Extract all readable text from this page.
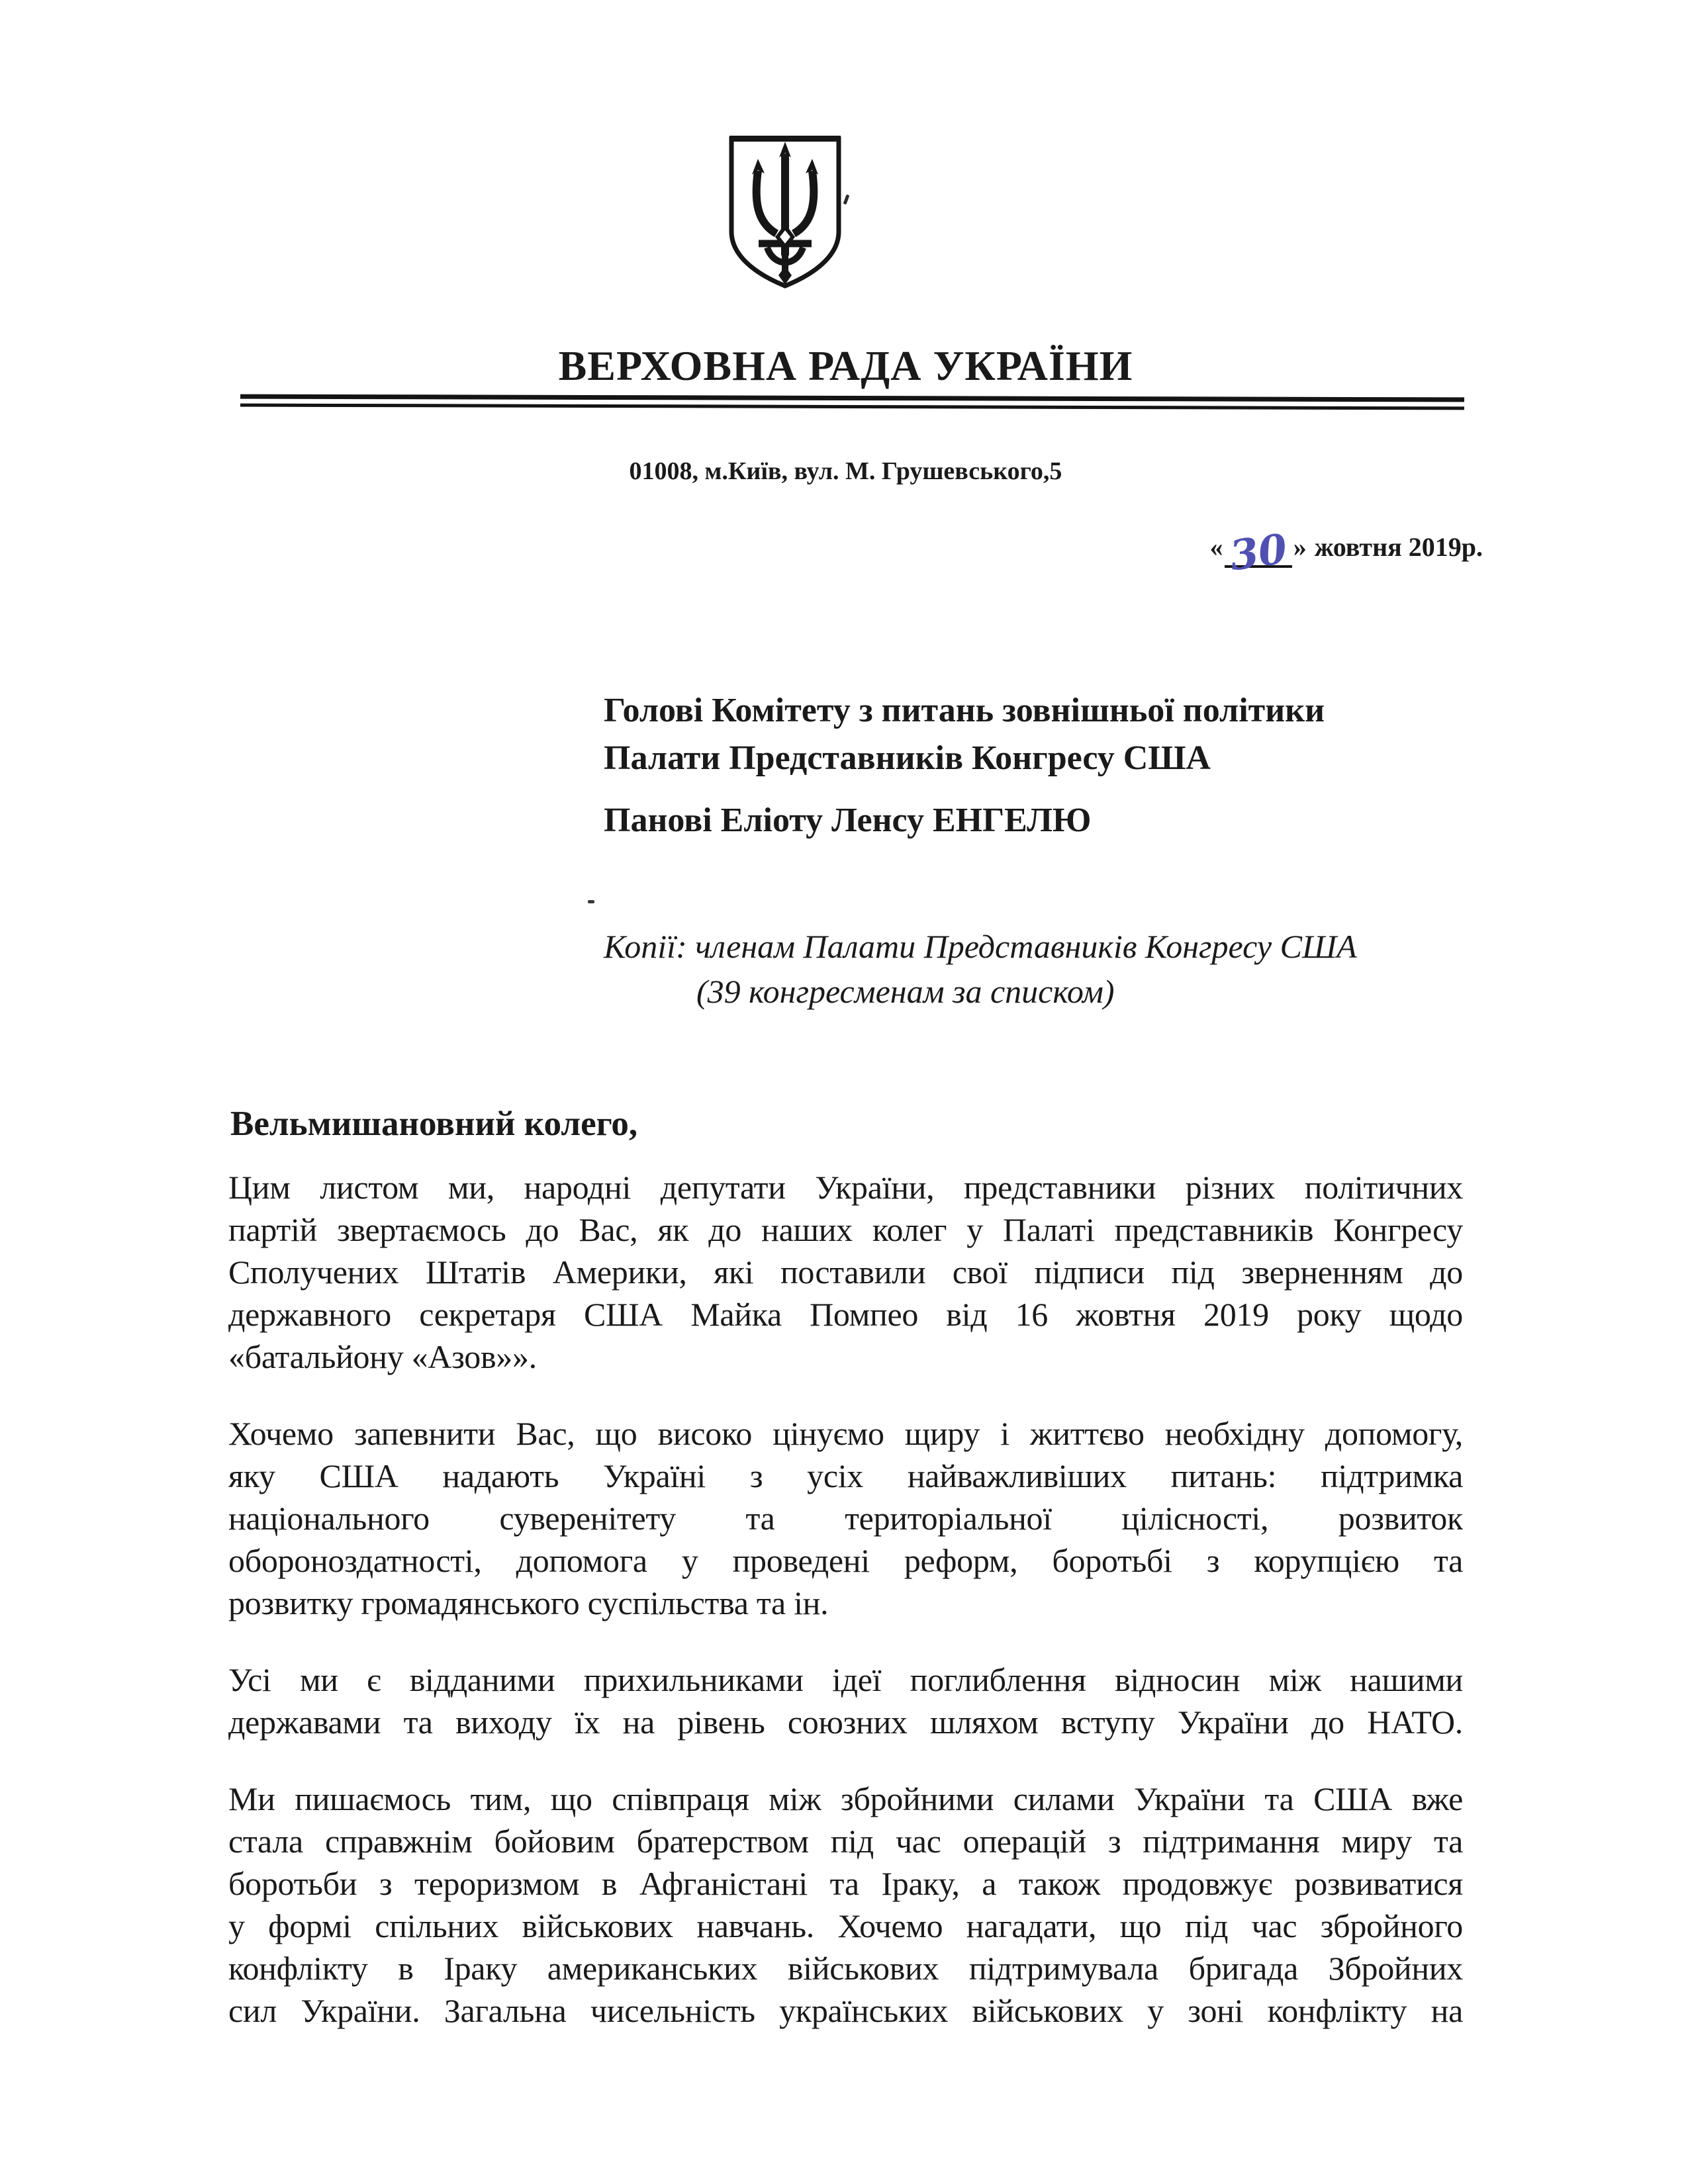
ВЕРХОВНА РАДА УКРАЇНИ
01008, м.Київ, вул. М. Грушевського,5
« 30 » жовтня 2019р.
Голові Комітету з питань зовнішньої політики
Палати Представників Конгресу США
Панові Еліоту Ленсу ЕНГЕЛЮ
Копії: членам Палати Представників Конгресу США
(39 конгресменам за списком)
Вельмишановний колего,
Цим листом ми, народні депутати України, представники різних політичних
партій звертаємось до Вас, як до наших колег у Палаті представників Конгресу
Сполучених Штатів Америки, які поставили свої підписи під зверненням до
державного секретаря США Майка Помпео від 16 жовтня 2019 року щодо
«батальйону «Азов»».
Хочемо запевнити Вас, що високо цінуємо щиру і життєво необхідну допомогу,
яку США надають Україні з усіх найважливіших питань: підтримка
національного суверенітету та територіальної цілісності, розвиток
обороноздатності, допомога у проведені реформ, боротьбі з корупцією та
розвитку громадянського суспільства та ін.
Усі ми є відданими прихильниками ідеї поглиблення відносин між нашими
державами та виходу їх на рівень союзних шляхом вступу України до НАТО.
Ми пишаємось тим, що співпраця між збройними силами України та США вже
стала справжнім бойовим братерством під час операцій з підтримання миру та
боротьби з тероризмом в Афганістані та Іраку, а також продовжує розвиватися
у формі спільних військових навчань. Хочемо нагадати, що під час збройного
конфлікту в Іраку американських військових підтримувала бригада Збройних
сил України. Загальна чисельність українських військових у зоні конфлікту на
